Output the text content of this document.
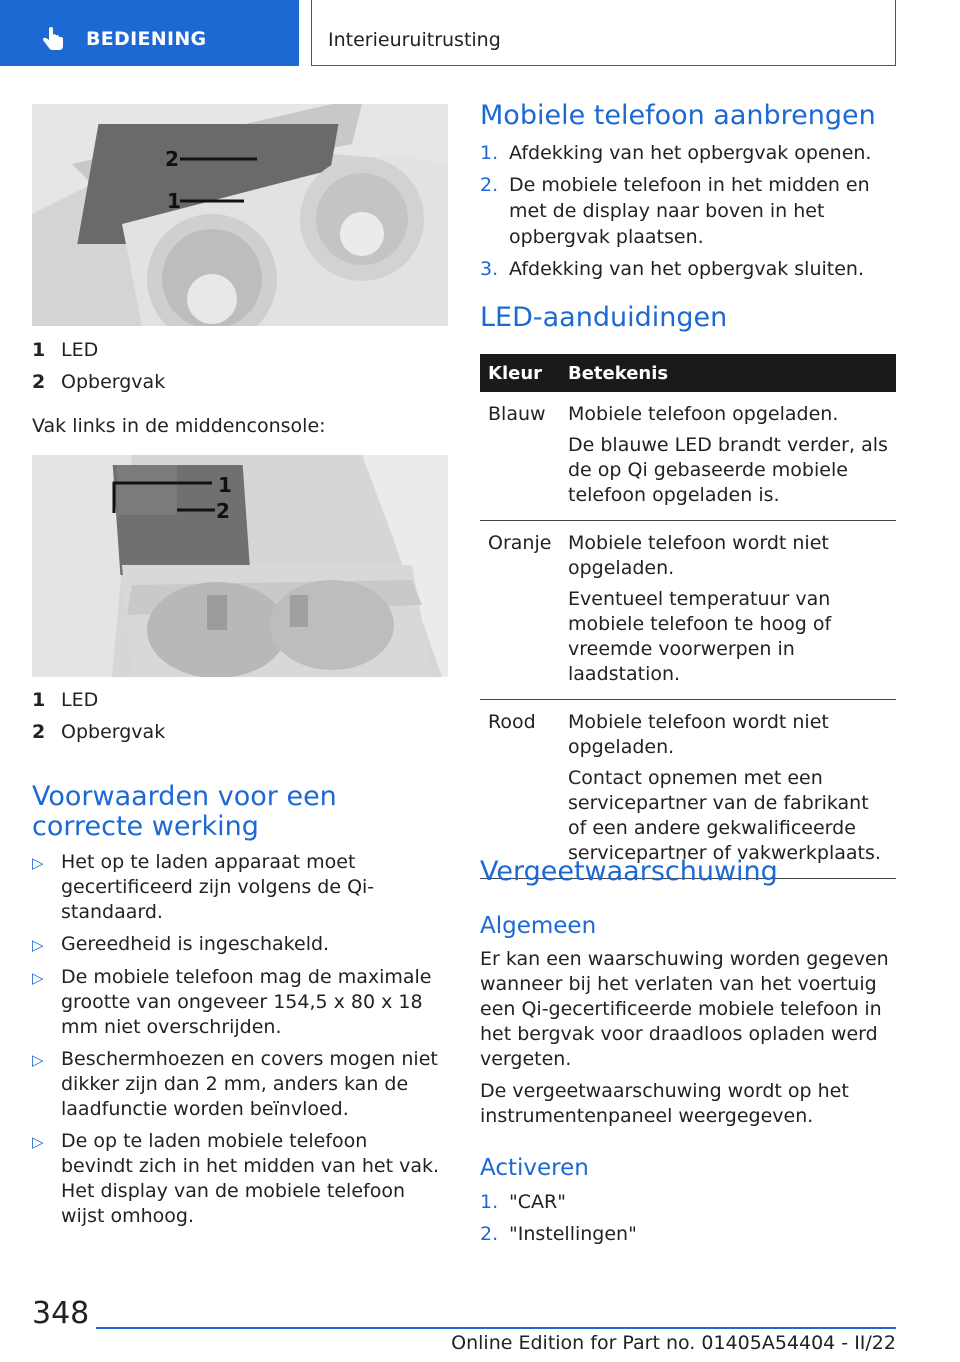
BEDIENING	Interieuruitrusting
2
1
1 LED
2 Opbergvak
Vak links in de middenconsole:
1
2
1 LED
2 Opbergvak
Voorwaarden voor een correcte werking
▷ Het op te laden apparaat moet gecertificeerd zijn volgens de Qi-standaard.
▷ Gereedheid is ingeschakeld.
▷ De mobiele telefoon mag de maximale grootte van ongeveer 154,5 x 80 x 18 mm niet overschrijden.
▷ Beschermhoezen en covers mogen niet dikker zijn dan 2 mm, anders kan de laadfunctie worden beïnvloed.
▷ De op te laden mobiele telefoon bevindt zich in het midden van het vak. Het display van de mobiele telefoon wijst omhoog.
Mobiele telefoon aanbrengen
1. Afdekking van het opbergvak openen.
2. De mobiele telefoon in het midden en met de display naar boven in het opbergvak plaatsen.
3. Afdekking van het opbergvak sluiten.
LED-aanduidingen
Kleur	Betekenis
Blauw	Mobiele telefoon opgeladen.

De blauwe LED brandt verder, als de op Qi gebaseerde mobiele telefoon opgeladen is.

Oranje	Mobiele telefoon wordt niet opgeladen.

Eventueel temperatuur van mobiele telefoon te hoog of vreemde voorwerpen in laadstation.

Rood	Mobiele telefoon wordt niet opgeladen.

Contact opnemen met een servicepartner van de fabrikant of een andere gekwalificeerde servicepartner of vakwerkplaats.

Vergeetwaarschuwing
Algemeen
Er kan een waarschuwing worden gegeven wanneer bij het verlaten van het voertuig een Qi-gecertificeerde mobiele telefoon in het bergvak voor draadloos opladen werd vergeten.
De vergeetwaarschuwing wordt op het instrumentenpaneel weergegeven.
Activeren
1. "CAR"
2. "Instellingen"
348
Online Edition for Part no. 01405A54404 - II/22
